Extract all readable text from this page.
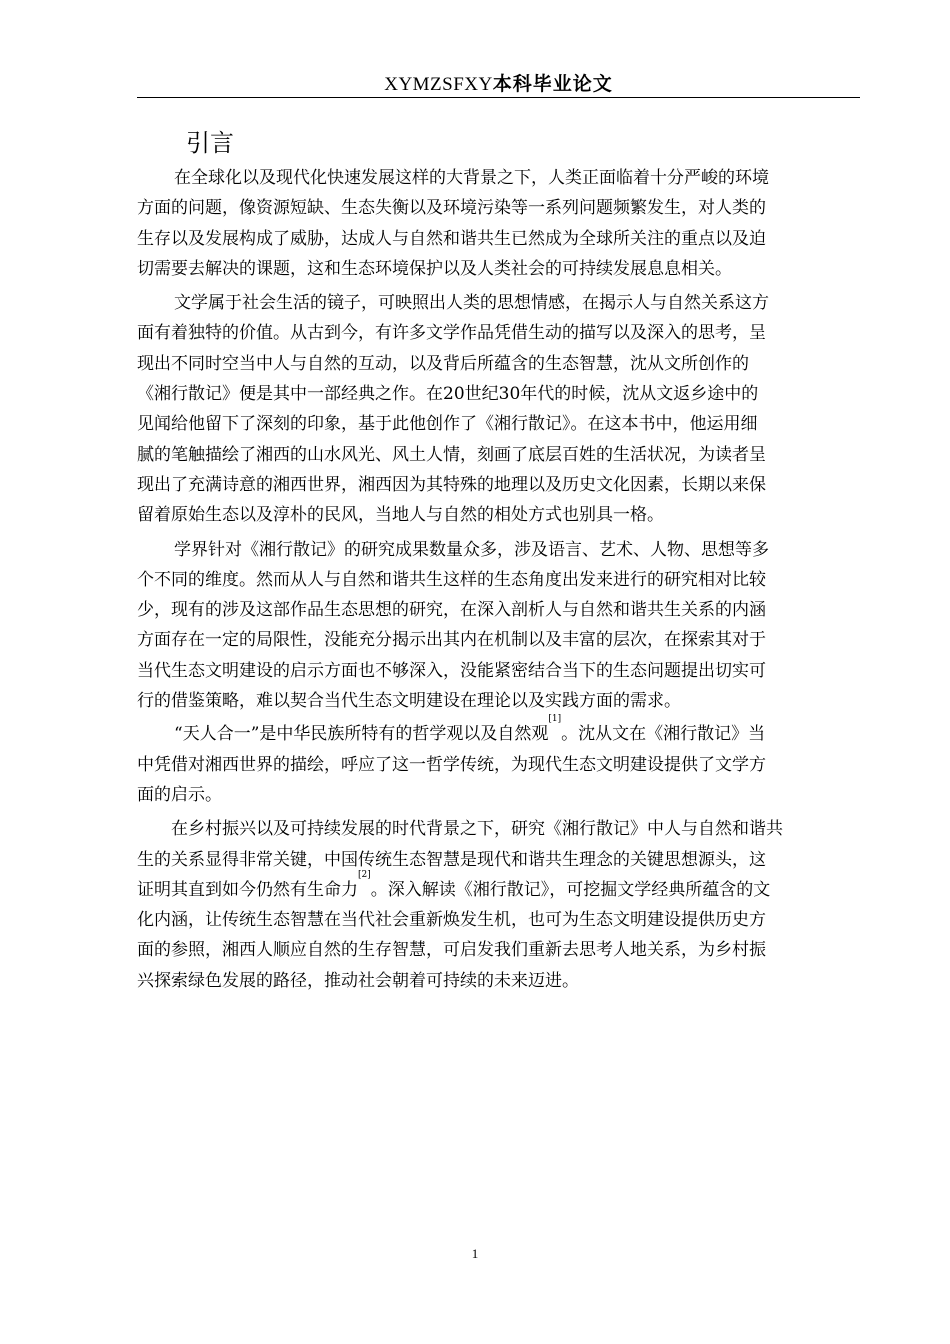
XYMZSFXY本科毕业论文
引言
在全球化以及现代化快速发展这样的大背景之下，人类正面临着十分严峻的环境
方面的问题，像资源短缺、生态失衡以及环境污染等一系列问题频繁发生，对人类的
生存以及发展构成了威胁，达成人与自然和谐共生已然成为全球所关注的重点以及迫
切需要去解决的课题，这和生态环境保护以及人类社会的可持续发展息息相关。
文学属于社会生活的镜子，可映照出人类的思想情感，在揭示人与自然关系这方
面有着独特的价值。从古到今，有许多文学作品凭借生动的描写以及深入的思考，呈
现出不同时空当中人与自然的互动，以及背后所蕴含的生态智慧，沈从文所创作的
《湘行散记》便是其中一部经典之作。在20世纪30年代的时候，沈从文返乡途中的
见闻给他留下了深刻的印象，基于此他创作了《湘行散记》。在这本书中，他运用细
腻的笔触描绘了湘西的山水风光、风土人情，刻画了底层百姓的生活状况，为读者呈
现出了充满诗意的湘西世界，湘西因为其特殊的地理以及历史文化因素，长期以来保
留着原始生态以及淳朴的民风，当地人与自然的相处方式也别具一格。
学界针对《湘行散记》的研究成果数量众多，涉及语言、艺术、人物、思想等多
个不同的维度。然而从人与自然和谐共生这样的生态角度出发来进行的研究相对比较
少，现有的涉及这部作品生态思想的研究，在深入剖析人与自然和谐共生关系的内涵
方面存在一定的局限性，没能充分揭示出其内在机制以及丰富的层次，在探索其对于
当代生态文明建设的启示方面也不够深入，没能紧密结合当下的生态问题提出切实可
行的借鉴策略，难以契合当代生态文明建设在理论以及实践方面的需求。
“天人合一”是中华民族所特有的哲学观以及自然观
[1]
。沈从文在《湘行散记》当
中凭借对湘西世界的描绘，呼应了这一哲学传统，为现代生态文明建设提供了文学方
面的启示。
在乡村振兴以及可持续发展的时代背景之下，研究《湘行散记》中人与自然和谐共
生的关系显得非常关键，中国传统生态智慧是现代和谐共生理念的关键思想源头，这
证明其直到如今仍然有生命力
[2]
。深入解读《湘行散记》，可挖掘文学经典所蕴含的文
化内涵，让传统生态智慧在当代社会重新焕发生机，也可为生态文明建设提供历史方
面的参照，湘西人顺应自然的生存智慧，可启发我们重新去思考人地关系，为乡村振
兴探索绿色发展的路径，推动社会朝着可持续的未来迈进。
1
